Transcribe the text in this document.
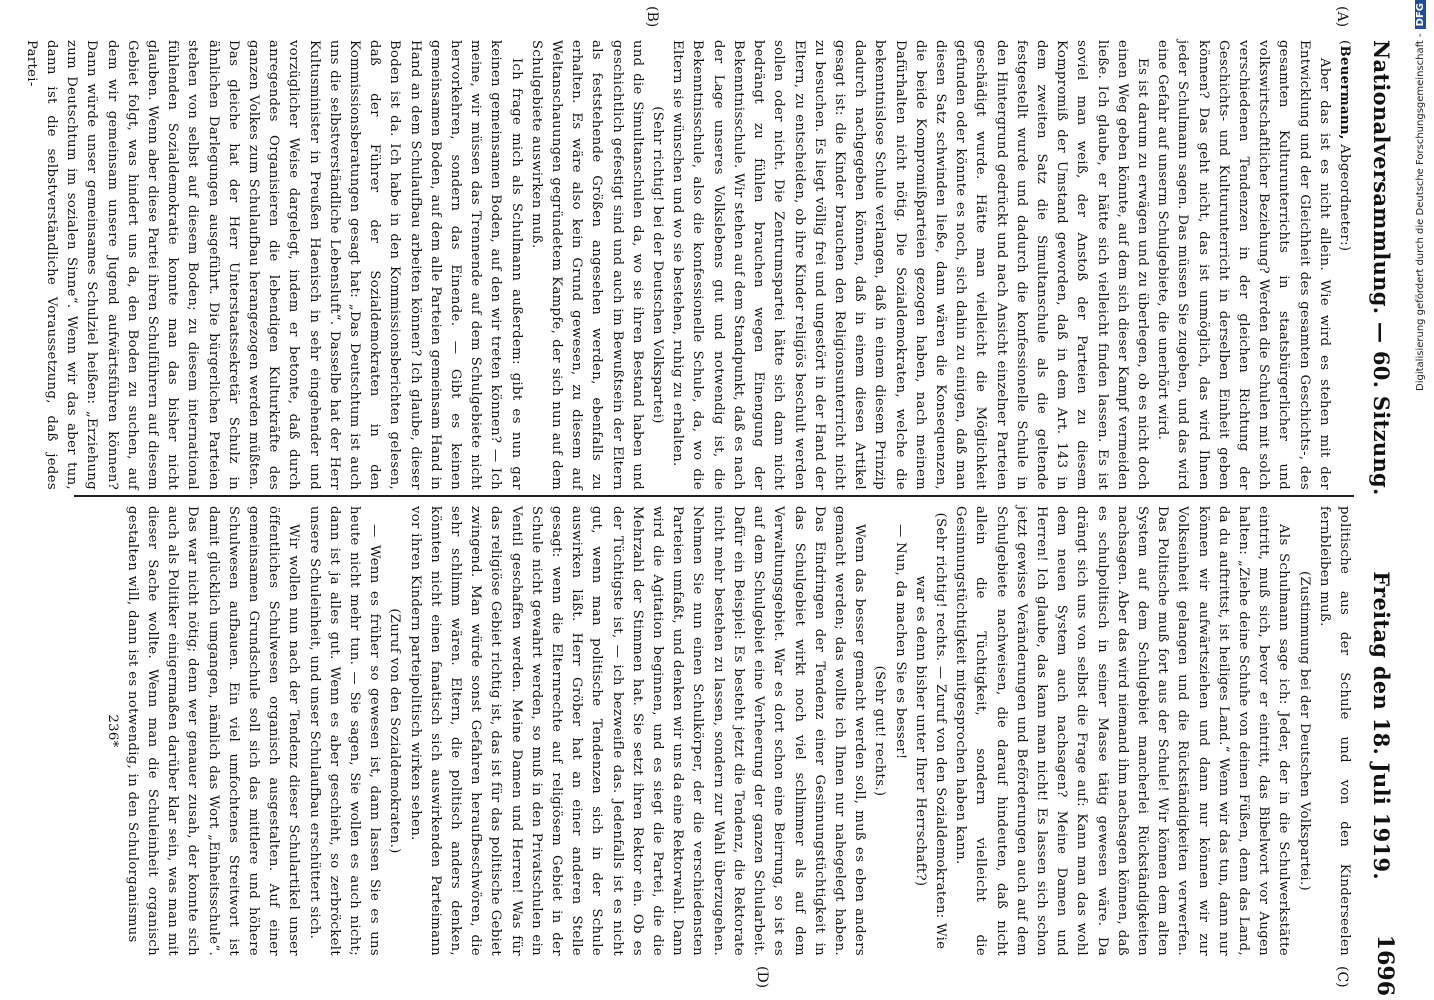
Nationalversammlung. — 60. Sitzung.
Freitag den 18. Juli 1919.
1696
(A)
(B)
(C)
(D)

(Beuermann, Abgeordneter:)

Aber das ist es nicht allein. Wie wird es stehen mit der Entwicklung und der Gleichheit des gesamten Geschichts-, des gesamten Kulturunterrichts in staatsbürgerlicher und volkswirtschaftlicher Beziehung? Werden die Schulen mit solch verschiedenen Tendenzen in der gleichen Richtung der Geschichts- und Kulturunterricht in derselben Einheit geben können? Das geht nicht, das ist unmöglich, das wird Ihnen jeder Schulmann sagen. Das müssen Sie zugeben, und das wird eine Gefahr auf unserm Schulgebiete, die unerhört wird.

Es ist darum zu erwägen und zu überlegen, ob es nicht doch einen Weg geben könnte, auf dem sich dieser Kampf vermeiden ließe. Ich glaube, er hätte sich vielleicht finden lassen. Es ist soviel man weiß, der Anstoß der Parteien zu diesem Kompromiß der Umstand geworden, daß in dem Art. 143 in dem zweiten Satz die Simultanschule als die geltende festgestellt wurde und dadurch die konfessionelle Schule in den Hintergrund gedrückt und nach Ansicht einzelner Parteien geschädigt wurde. Hätte man vielleicht die Möglichkeit gefunden oder könnte es noch, sich dahin zu einigen, daß man diesen Satz schwinden ließe, dann wären die Konsequenzen, die beide Kompromißparteien gezogen haben, nach meinem Dafürhalten nicht nötig. Die Sozialdemokraten, welche die bekenntnislose Schule verlangen, daß in einem diesem Prinzip dadurch nachgegeben können, daß in einem diesen Artikel gesagt ist: die Kinder brauchen den Religionsunterricht nicht zu besuchen. Es liegt völlig frei und ungestört in der Hand der Eltern, zu entscheiden, ob ihre Kinder religiös beschult werden sollen oder nicht. Die Zentrumspartei hätte sich dann nicht bedrängt zu fühlen brauchen wegen Einengung der Bekenntnisschule. Wir stehen auf dem Standpunkt, daß es nach der Lage unseres Volkslebens gut und notwendig ist, die Bekenntnisschule, also die konfessionelle Schule, da, wo die Eltern sie wünschen und wo sie bestehen, ruhig zu erhalten.

(Sehr richtig! bei der Deutschen Volkspartei)

und die Simultanschulen da, wo sie ihren Bestand haben und geschichtlich gefestigt sind und auch im Bewußtsein der Eltern als feststehende Größen angesehen werden, ebenfalls zu erhalten. Es wäre also kein Grund gewesen, zu diesem auf Weltanschauungen gegründetem Kampfe, der sich nun auf dem Schulgebiete auswirken muß.

Ich frage mich als Schulmann außerdem: gibt es nun gar keinen gemeinsamen Boden, auf den wir treten können? — Ich meine, wir müssen das Trennende auf dem Schulgebiete nicht hervorkehren, sondern das Einende. — Gibt es keinen gemeinsamen Boden, auf dem alle Parteien gemeinsam Hand in Hand an dem Schulaufbau arbeiten können? Ich glaube, dieser Boden ist da. Ich habe in den Kommissionsberichten gelesen, daß der Führer der Sozialdemokraten in den Kommissionsberatungen gesagt hat: „Das Deutschtum ist auch uns die selbstverständliche Lebensluft“. Dasselbe hat der Herr Kultusminister in Preußen Haenisch in sehr eingehender und vorzüglicher Weise dargelegt, indem er betonte, daß durch anregendes Organisieren die lebendigen Kulturkräfte des ganzen Volkes zum Schulaufbau herangezogen werden müßten. Das gleiche hat der Herr Unterstaatssekretär Schulz in ähnlichen Darlegungen ausgeführt. Die bürgerlichen Parteien stehen von selbst auf diesem Boden; zu diesem international fühlenden Sozialdemokratie konnte man das bisher nicht glauben. Wenn aber diese Partei ihren Schulführern auf diesem Gebiet folgt, was hindert uns da, den Boden zu suchen, auf dem wir gemeinsam unsere Jugend aufwärtsführen können? Dann würde unser gemeinsames Schulziel heißen: „Erziehung zum Deutschtum im sozialen Sinne“. Wenn wir das aber tun, dann ist die selbstverständliche Voraussetzung, daß jedes Partei-

politische aus der Schule und von den Kinderseelen fernbleiben muß.

(Zustimmung bei der Deutschen Volkspartei.)

Als Schulmann sage ich: Jeder, der in die Schulwerkstätte eintritt, muß sich, bevor er eintritt, das Bibelwort vor Augen halten: „Ziehe deine Schuhe von deinen Füßen, denn das Land, da du auftrittst, ist heiliges Land.“ Wenn wir das tun, dann nur können wir aufwärtsziehen und dann nur können wir zur Volkseinheit gelangen und die Rückständigkeiten verwerfen. Das Politische muß fort aus der Schule! Wir können dem alten System auf dem Schulgebiet mancherlei Rückständigkeiten nachsagen. Aber das wird niemand ihm nachsagen können, daß es schulpolitisch in seiner Masse tätig gewesen wäre. Da drängt sich uns von selbst die Frage auf: Kann man das wohl dem neuen System auch nachsagen? Meine Damen und Herren! Ich glaube, das kann man nicht! Es lassen sich schon jetzt gewisse Veränderungen und Beförderungen auch auf dem Schulgebiete nachweisen, die darauf hindeuten, daß nicht allein die Tüchtigkeit, sondern vielleicht die Gesinnungstüchtigkeit mitgesprochen haben kann.

(Sehr richtig! rechts. — Zuruf von den Sozialdemokraten: Wie war es denn bisher unter Ihrer Herrschaft?)

— Nun, da machen Sie es besser!

(Sehr gut! rechts.)

Wenn das besser gemacht werden soll, muß es eben anders gemacht werden; das wollte ich Ihnen nur nahegelegt haben. Das Eindringen der Tendenz einer Gesinnungstüchtigkeit in das Schulgebiet wirkt noch viel schlimmer als auf dem Verwaltungsgebiet. War es dort schon eine Beirrung, so ist es auf dem Schulgebiet eine Verheerung der ganzen Schularbeit. Dafür ein Beispiel: Es besteht jetzt die Tendenz, die Rektorate nicht mehr bestehen zu lassen, sondern zur Wahl überzugehen. Nehmen Sie nun einen Schulkörper, der die verschiedensten Parteien umfaßt, und denken wir uns da eine Rektorwahl. Dann wird die Agitation beginnen, und es siegt die Partei, die die Mehrzahl der Stimmen hat. Sie setzt ihren Rektor ein. Ob es der Tüchtigste ist, — ich bezweifle das. Jedenfalls ist es nicht gut, wenn man politische Tendenzen sich in der Schule auswirken läßt. Herr Gröber hat an einer anderen Stelle gesagt: wenn die Elternrechte auf religiösem Gebiet in der Schule nicht gewahrt werden, so muß in den Privatschulen ein Ventil geschaffen werden. Meine Damen und Herren! Was für das religiöse Gebiet richtig ist, das ist für das politische Gebiet zwingend. Man würde sonst Gefahren heraufbeschwören, die sehr schlimm wären. Eltern, die politisch anders denken, könnten nicht einen fanatisch sich auswirkenden Parteimann vor ihren Kindern parteipolitisch wirken sehen.

(Zuruf von den Sozialdemokraten.)

— Wenn es früher so gewesen ist, dann lassen Sie es uns heute nicht mehr tun. — Sie sagen, Sie wollen es auch nicht; dann ist ja alles gut. Wenn es aber geschieht, so zerbröckelt unsere Schuleinheit, und unser Schulaufbau erschüttert sich.

Wir wollen nun nach der Tendenz dieser Schulartikel unser öffentliches Schulwesen organisch ausgestalten. Auf einer gemeinsamen Grundschule soll sich das mittlere und höhere Schulwesen aufbauen. Ein viel umfochtenes Streitwort ist damit glücklich umgangen, nämlich das Wort „Einheitsschule“. Das war nicht nötig; denn wer genauer zusah, der konnte sich auch als Politiker einigermaßen darüber klar sein, was man mit dieser Sache wollte. Wenn man die Schuleinheit organisch gestalten will, dann ist es notwendig, in den Schulorganismus

236*

Digitalisierung gefördert durch die Deutsche Forschungsgemeinschaft -DFG
